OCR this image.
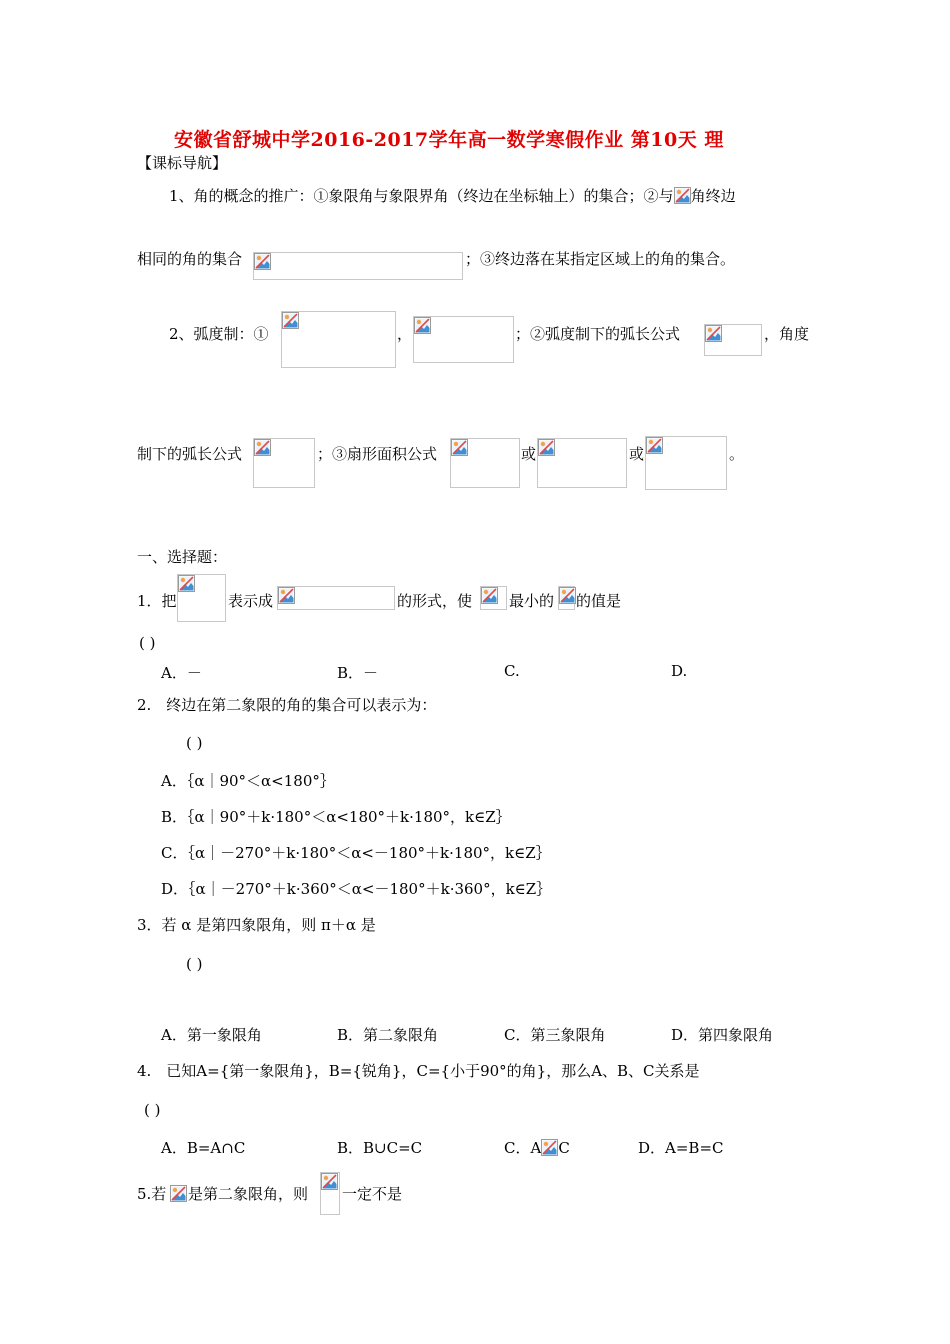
安徽省舒城中学2016-2017学年高一数学寒假作业 第10天 理
【课标导航】
1、角的概念的推广：①象限角与象限界角（终边在坐标轴上）的集合；②与 角终边
相同的角的集合	；③终边落在某指定区域上的角的集合。
2、弧度制：①	，	；②弧度制下的弧长公式	，角度
制下的弧长公式	；③扇形面积公式	或	或	。
一、选择题：
1．把	表示成	的形式，使 最小的 的值是
( )
A．－	B．－	C.	D.
2.　终边在第二象限的角的集合可以表示为：
( )
A．｛α｜90°＜α<180°｝
B．｛α｜90°＋k·180°＜α<180°＋k·180°，k∈Z｝
C．｛α｜－270°＋k·180°＜α<－180°＋k·180°，k∈Z｝
D．｛α｜－270°＋k·360°＜α<－180°＋k·360°，k∈Z｝
3．若 α 是第四象限角，则 π＋α 是
( )
A．第一象限角	B．第二象限角	C．第三象限角	D．第四象限角
4.　已知A={第一象限角}，B={锐角}，C={小于90°的角}，那么A、B、C关系是
( )
A．B=A∩C	B．B∪C=C	C．A C	D．A=B=C
5.若 是第二象限角，则 一定不是
